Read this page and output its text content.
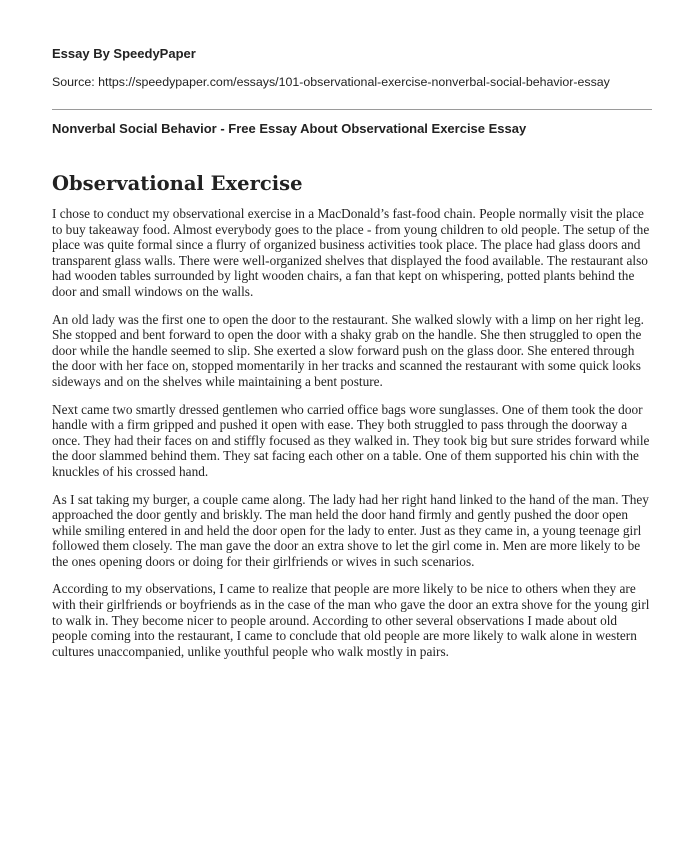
Essay By SpeedyPaper
Source: https://speedypaper.com/essays/101-observational-exercise-nonverbal-social-behavior-essay
Nonverbal Social Behavior - Free Essay About Observational Exercise Essay
Observational Exercise

I chose to conduct my observational exercise in a MacDonald’s fast-food chain. People normally visit the place to buy takeaway food. Almost everybody goes to the place - from young children to old people. The setup of the place was quite formal since a flurry of organized business activities took place. The place had glass doors and transparent glass walls. There were well-organized shelves that displayed the food available. The restaurant also had wooden tables surrounded by light wooden chairs, a fan that kept on whispering, potted plants behind the door and small windows on the walls.

An old lady was the first one to open the door to the restaurant. She walked slowly with a limp on her right leg. She stopped and bent forward to open the door with a shaky grab on the handle. She then struggled to open the door while the handle seemed to slip. She exerted a slow forward push on the glass door. She entered through the door with her face on, stopped momentarily in her tracks and scanned the restaurant with some quick looks sideways and on the shelves while maintaining a bent posture.

Next came two smartly dressed gentlemen who carried office bags wore sunglasses. One of them took the door handle with a firm gripped and pushed it open with ease. They both struggled to pass through the doorway a once. They had their faces on and stiffly focused as they walked in. They took big but sure strides forward while the door slammed behind them. They sat facing each other on a table. One of them supported his chin with the knuckles of his crossed hand.

As I sat taking my burger, a couple came along. The lady had her right hand linked to the hand of the man. They approached the door gently and briskly. The man held the door hand firmly and gently pushed the door open while smiling entered in and held the door open for the lady to enter. Just as they came in, a young teenage girl followed them closely. The man gave the door an extra shove to let the girl come in. Men are more likely to be the ones opening doors or doing for their girlfriends or wives in such scenarios.

According to my observations, I came to realize that people are more likely to be nice to others when they are with their girlfriends or boyfriends as in the case of the man who gave the door an extra shove for the young girl to walk in. They become nicer to people around. According to other several observations I made about old people coming into the restaurant, I came to conclude that old people are more likely to walk alone in western cultures unaccompanied, unlike youthful people who walk mostly in pairs.
